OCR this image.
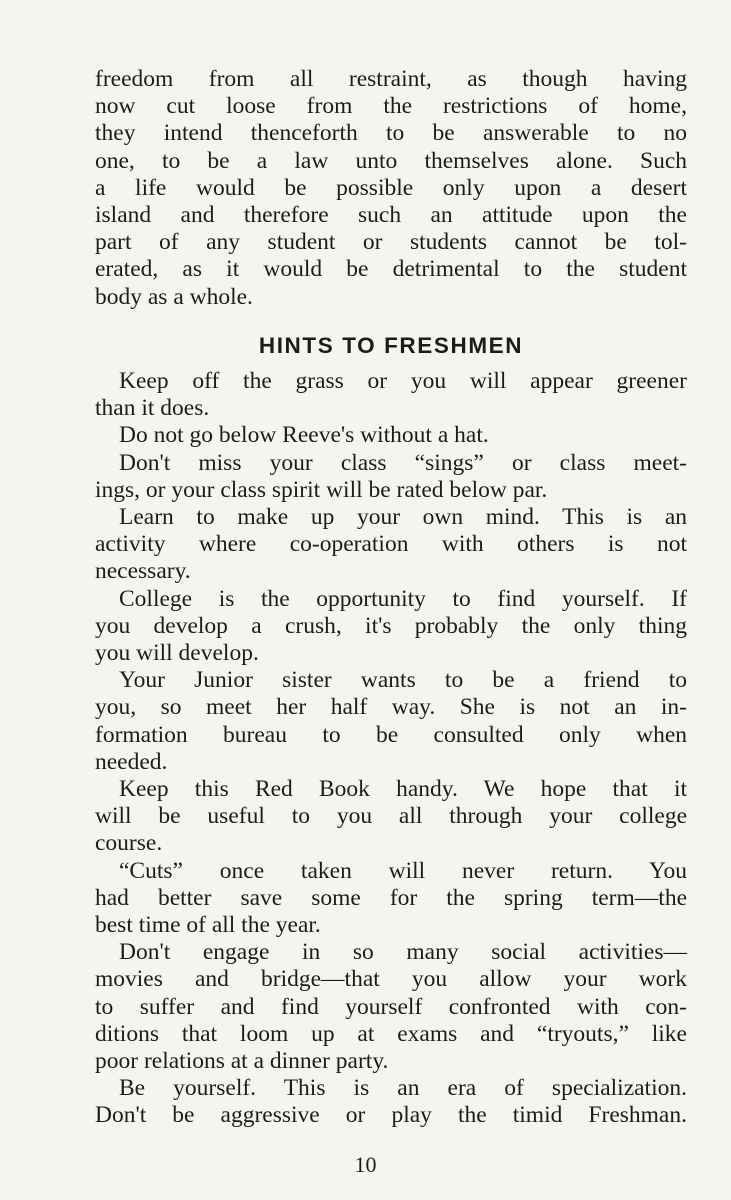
freedom from all restraint, as though having
now cut loose from the restrictions of home,
they intend thenceforth to be answerable to no
one, to be a law unto themselves alone. Such
a life would be possible only upon a desert
island and therefore such an attitude upon the
part of any student or students cannot be tol-
erated, as it would be detrimental to the student
body as a whole.
HINTS TO FRESHMEN

Keep off the grass or you will appear greener
than it does.

Do not go below Reeve's without a hat.

Don't miss your class “sings” or class meet-
ings, or your class spirit will be rated below par.

Learn to make up your own mind. This is an
activity where co-operation with others is not
necessary.

College is the opportunity to find yourself. If
you develop a crush, it's probably the only thing
you will develop.

Your Junior sister wants to be a friend to
you, so meet her half way. She is not an in-
formation bureau to be consulted only when
needed.

Keep this Red Book handy. We hope that it
will be useful to you all through your college
course.

“Cuts” once taken will never return. You
had better save some for the spring term—the
best time of all the year.

Don't engage in so many social activities—
movies and bridge—that you allow your work
to suffer and find yourself confronted with con-
ditions that loom up at exams and “tryouts,” like
poor relations at a dinner party.

Be yourself. This is an era of specialization.
Don't be aggressive or play the timid Freshman.

10
